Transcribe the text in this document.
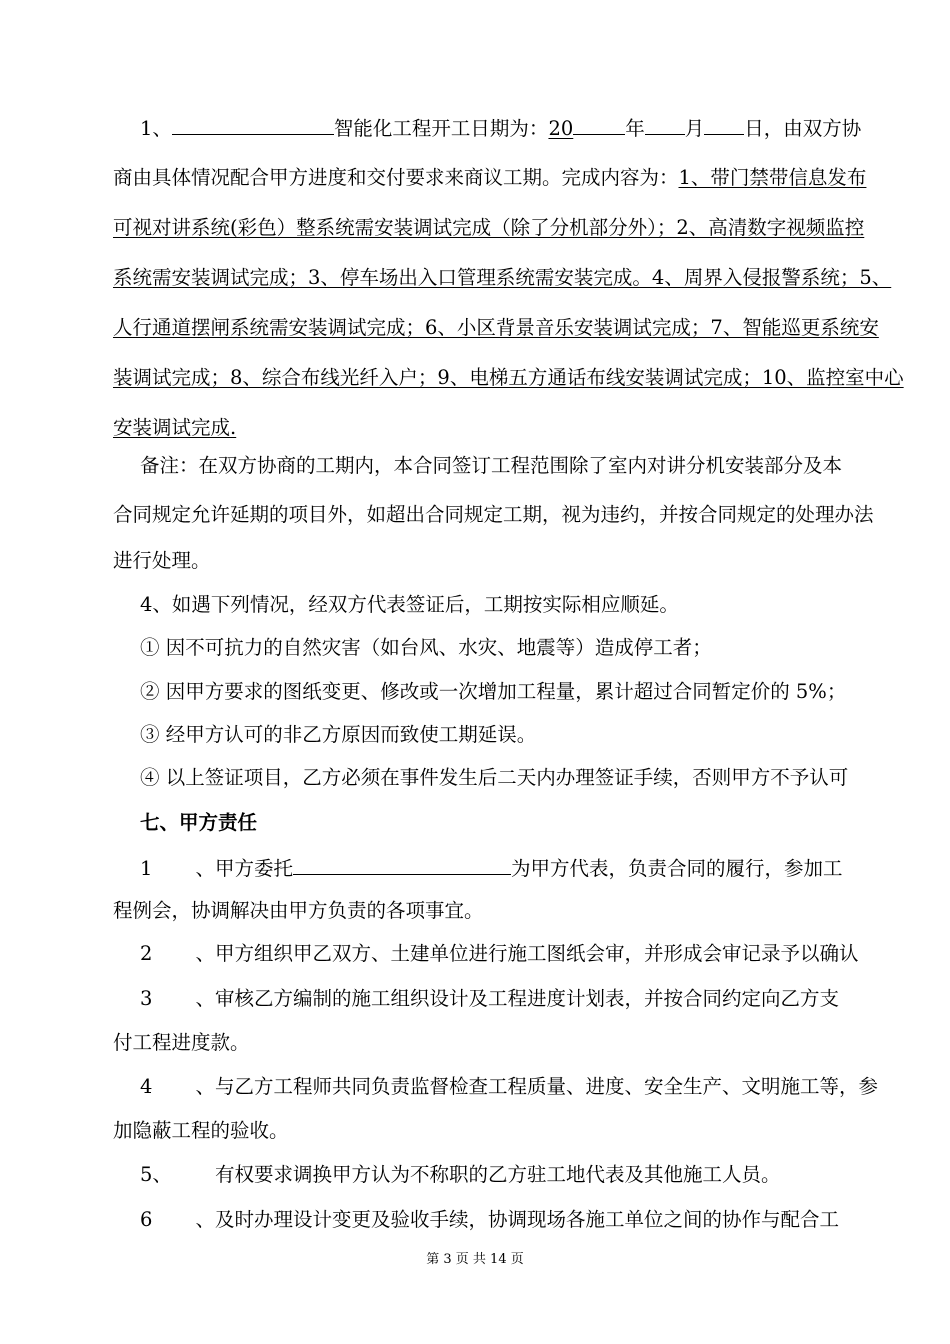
1、	智能化工程开工日期为：20	年 月 日，由双方协
商由具体情况配合甲方进度和交付要求来商议工期。完成内容为：1、带门禁带信息发布
可视对讲系统(彩色）整系统需安装调试完成（除了分机部分外）；2、高清数字视频监控
系统需安装调试完成；3、停车场出入口管理系统需安装完成。4、周界入侵报警系统；5、
人行通道摆闸系统需安装调试完成；6、小区背景音乐安装调试完成；7、智能巡更系统安
装调试完成；8、综合布线光纤入户；9、电梯五方通话布线安装调试完成；10、监控室中心
安装调试完成.
备注：在双方协商的工期内，本合同签订工程范围除了室内对讲分机安装部分及本
合同规定允许延期的项目外，如超出合同规定工期，视为违约，并按合同规定的处理办法
进行处理。
4、如遇下列情况，经双方代表签证后，工期按实际相应顺延。
① 因不可抗力的自然灾害（如台风、水灾、地震等）造成停工者；
② 因甲方要求的图纸变更、修改或一次增加工程量，累计超过合同暂定价的 5%；
③ 经甲方认可的非乙方原因而致使工期延误。
④ 以上签证项目，乙方必须在事件发生后二天内办理签证手续，否则甲方不予认可
七、甲方责任
1、甲方委托	为甲方代表，负责合同的履行，参加工
程例会，协调解决由甲方负责的各项事宜。
2、甲方组织甲乙双方、土建单位进行施工图纸会审，并形成会审记录予以确认
3、审核乙方编制的施工组织设计及工程进度计划表，并按合同约定向乙方支
付工程进度款。
4、与乙方工程师共同负责监督检查工程质量、进度、安全生产、文明施工等，参
加隐蔽工程的验收。
5、 有权要求调换甲方认为不称职的乙方驻工地代表及其他施工人员。
6、及时办理设计变更及验收手续，协调现场各施工单位之间的协作与配合工
第 3 页 共 14 页
